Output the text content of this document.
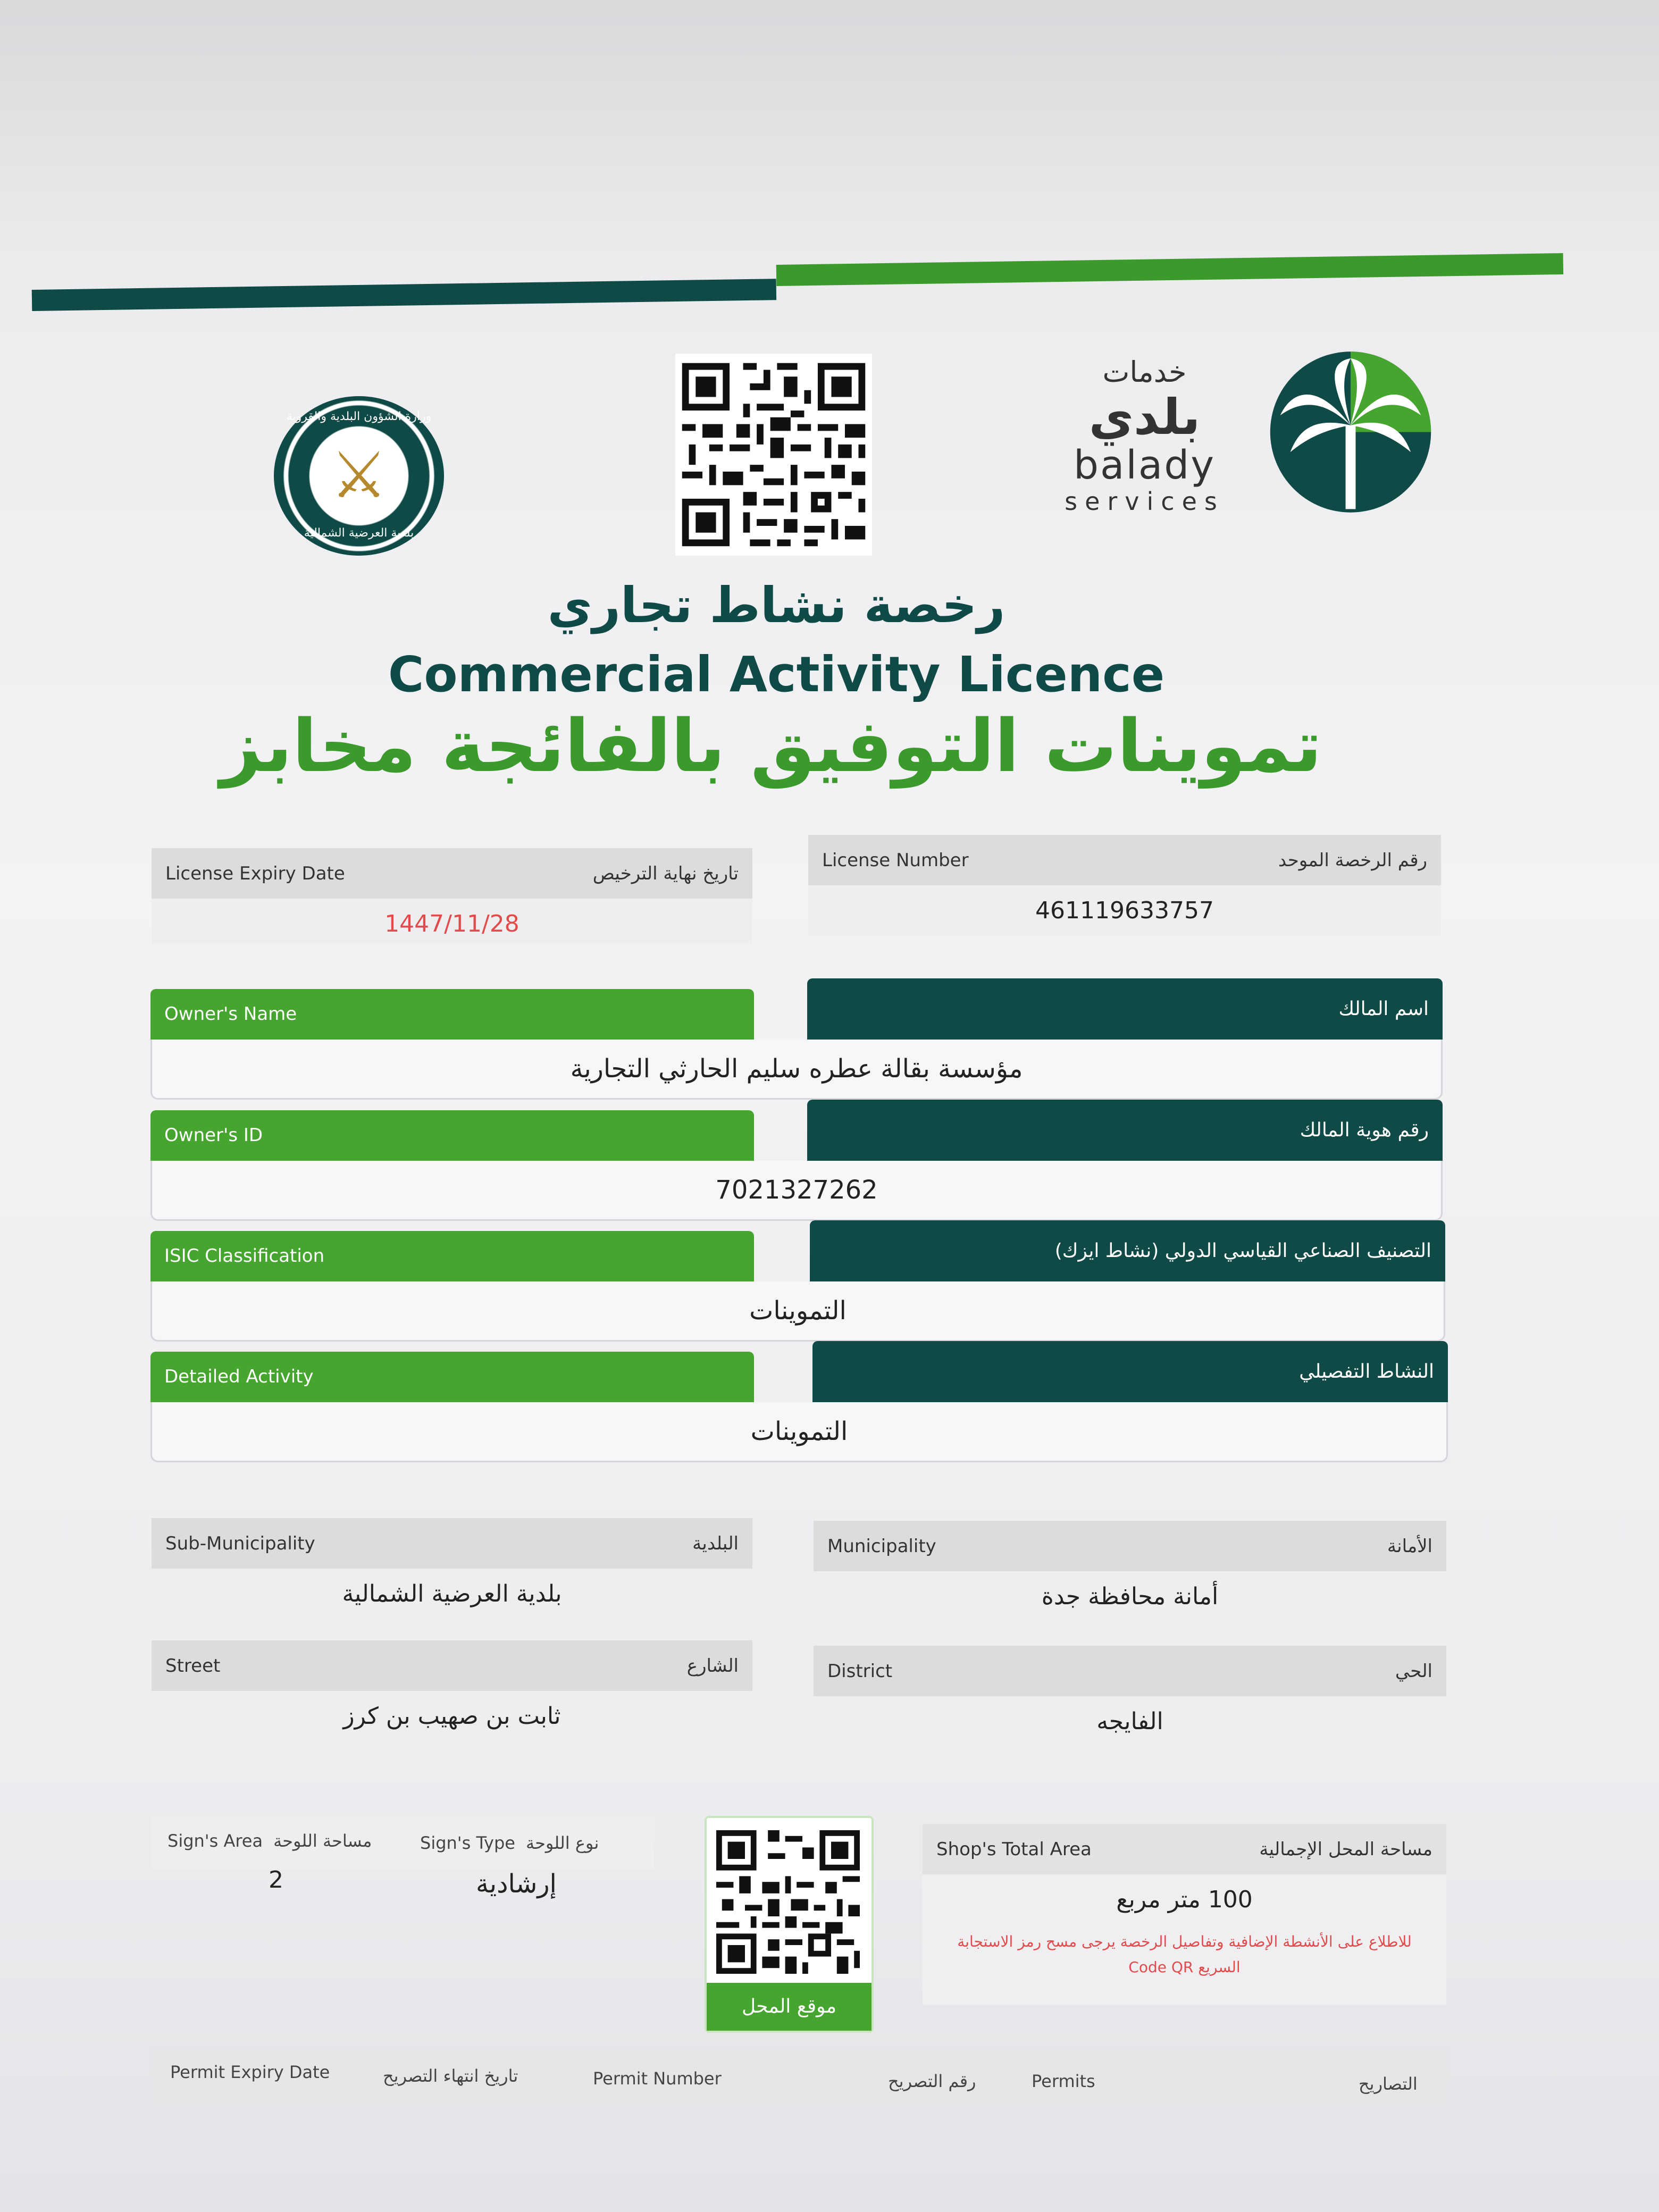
وزارة الشؤون البلدية والقروية
⚔
بلدية العرضية الشمالية
خدمات
بلدي
balady
services
رخصة نشاط تجاري
Commercial Activity Licence
تموينات التوفيق بالفائجة مخابز
License Expiry Date	تاريخ نهاية الترخيص
1447/11/28
License Number	رقم الرخصة الموحد
461119633757
Owner's Name	اسم المالك
مؤسسة بقالة عطره سليم الحارثي التجارية
Owner's ID	رقم هوية المالك
7021327262
ISIC Classification	التصنيف الصناعي القياسي الدولي (نشاط ايزك)
التموينات
Detailed Activity	النشاط التفصيلي
التموينات
Sub-Municipality	البلدية
بلدية العرضية الشمالية
Municipality	الأمانة
أمانة محافظة جدة
Street	الشارع
ثابت بن صهيب بن كرز
District	الحي
الفايجه
Sign's Area مساحة اللوحة	Sign's Type نوع اللوحة
2	إرشادية
موقع المحل
Shop's Total Area	مساحة المحل الإجمالية
100 متر مربع
للاطلاع على الأنشطة الإضافية وتفاصيل الرخصة يرجى مسح رمز الاستجابة
Code QR السريع
Permit Expiry Date	تاريخ انتهاء التصريح	Permit Number	رقم التصريح	Permits	التصاريح
